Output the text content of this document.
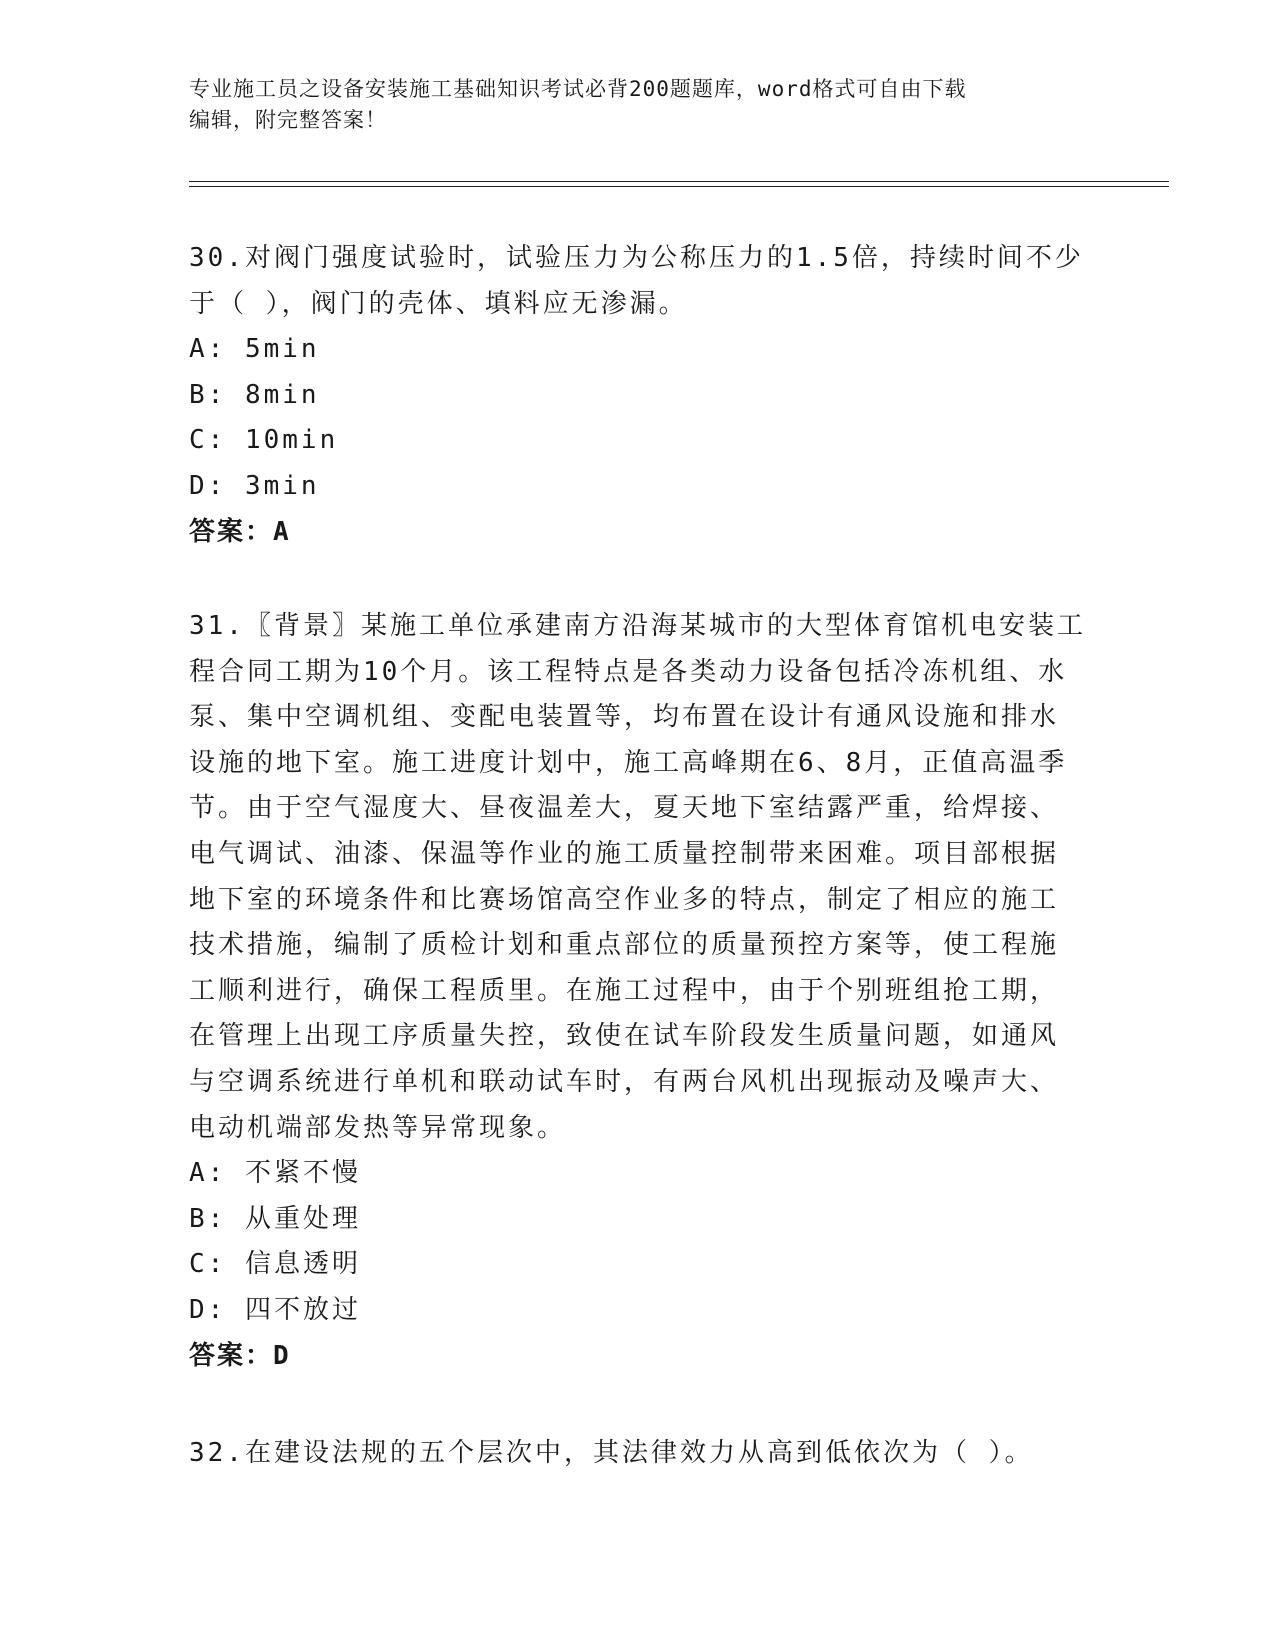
专业施工员之设备安装施工基础知识考试必背200题题库，word格式可自由下载
编辑，附完整答案！
30.对阀门强度试验时，试验压力为公称压力的1.5倍，持续时间不少
于（ ），阀门的壳体、填料应无渗漏。
A: 5min
B: 8min
C: 10min
D: 3min
答案：A
31.〖背景〗某施工单位承建南方沿海某城市的大型体育馆机电安装工
程合同工期为10个月。该工程特点是各类动力设备包括冷冻机组、水
泵、集中空调机组、变配电装置等，均布置在设计有通风设施和排水
设施的地下室。施工进度计划中，施工高峰期在6、8月，正值高温季
节。由于空气湿度大、昼夜温差大，夏天地下室结露严重，给焊接、
电气调试、油漆、保温等作业的施工质量控制带来困难。项目部根据
地下室的环境条件和比赛场馆高空作业多的特点，制定了相应的施工
技术措施，编制了质检计划和重点部位的质量预控方案等，使工程施
工顺利进行，确保工程质里。在施工过程中，由于个别班组抢工期，
在管理上出现工序质量失控，致使在试车阶段发生质量问题，如通风
与空调系统进行单机和联动试车时，有两台风机出现振动及噪声大、
电动机端部发热等异常现象。
A: 不紧不慢
B: 从重处理
C: 信息透明
D: 四不放过
答案：D
32.在建设法规的五个层次中，其法律效力从高到低依次为（ ）。
